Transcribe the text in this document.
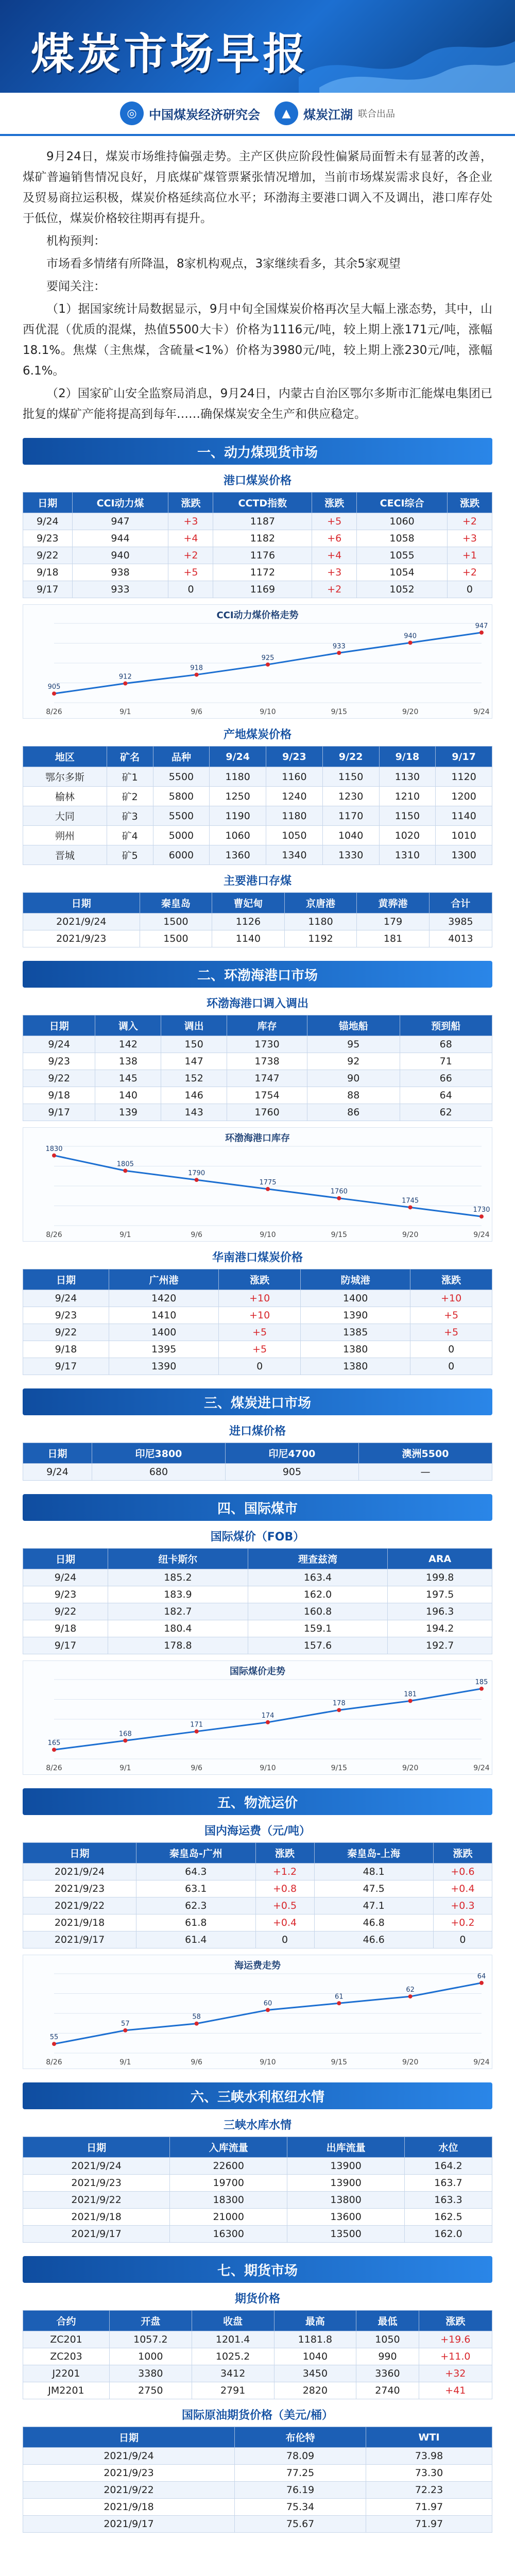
煤炭市场早报
◎ 中国煤炭经济研究会	▲	煤炭江湖 联合出品

9月24日，煤炭市场维持偏强走势。主产区供应阶段性偏紧局面暂未有显著的改善，煤矿普遍销售情况良好，月底煤矿煤管票紧张情况增加，当前市场煤炭需求良好，各企业及贸易商拉运积极，煤炭价格延续高位水平；环渤海主要港口调入不及调出，港口库存处于低位，煤炭价格较往期再有提升。

机构预判：

市场看多情绪有所降温，8家机构观点，3家继续看多，其余5家观望

要闻关注：

（1）据国家统计局数据显示，9月中旬全国煤炭价格再次呈大幅上涨态势，其中，山西优混（优质的混煤，热值5500大卡）价格为1116元/吨，较上期上涨171元/吨，涨幅18.1%。焦煤（主焦煤，含硫量<1%）价格为3980元/吨，较上期上涨230元/吨，涨幅6.1%。

（2）国家矿山安全监察局消息，9月24日，内蒙古自治区鄂尔多斯市汇能煤电集团已批复的煤矿产能将提高到每年……确保煤炭安全生产和供应稳定。

一、动力煤现货市场
港口煤炭价格
日期	CCI动力煤	涨跌	CCTD指数	涨跌	CECI综合	涨跌
9/24	947	+3	1187	+5	1060	+2
9/23	944	+4	1182	+6	1058	+3
9/22	940	+2	1176	+4	1055	+1
9/18	938	+5	1172	+3	1054	+2
9/17	933	0	1169	+2	1052	0
CCI动力煤价格走势
8/26
905
9/1
912
9/6
918
9/10
925
9/15
933
9/20
940
9/24
947
产地煤炭价格
地区	矿名	品种	9/24	9/23	9/22	9/18	9/17
鄂尔多斯	矿1	5500	1180	1160	1150	1130	1120
榆林	矿2	5800	1250	1240	1230	1210	1200
大同	矿3	5500	1190	1180	1170	1150	1140
朔州	矿4	5000	1060	1050	1040	1020	1010
晋城	矿5	6000	1360	1340	1330	1310	1300
主要港口存煤
日期	秦皇岛	曹妃甸	京唐港	黄骅港	合计
2021/9/24	1500	1126	1180	179	3985
2021/9/23	1500	1140	1192	181	4013
二、环渤海港口市场
环渤海港口调入调出
日期	调入	调出	库存	锚地船	预到船
9/24	142	150	1730	95	68
9/23	138	147	1738	92	71
9/22	145	152	1747	90	66
9/18	140	146	1754	88	64
9/17	139	143	1760	86	62
环渤海港口库存
8/26
1830
9/1
1805
9/6
1790
9/10
1775
9/15
1760
9/20
1745
9/24
1730
华南港口煤炭价格
日期	广州港	涨跌	防城港	涨跌
9/24	1420	+10	1400	+10
9/23	1410	+10	1390	+5
9/22	1400	+5	1385	+5
9/18	1395	+5	1380	0
9/17	1390	0	1380	0
三、煤炭进口市场
进口煤价格
日期	印尼3800	印尼4700	澳洲5500
9/24	680	905	—
四、国际煤市
国际煤价（FOB）
日期	纽卡斯尔	理查兹湾	ARA
9/24	185.2	163.4	199.8
9/23	183.9	162.0	197.5
9/22	182.7	160.8	196.3
9/18	180.4	159.1	194.2
9/17	178.8	157.6	192.7
国际煤价走势
8/26
165
9/1
168
9/6
171
9/10
174
9/15
178
9/20
181
9/24
185
五、物流运价
国内海运费（元/吨）
日期	秦皇岛-广州	涨跌	秦皇岛-上海	涨跌
2021/9/24	64.3	+1.2	48.1	+0.6
2021/9/23	63.1	+0.8	47.5	+0.4
2021/9/22	62.3	+0.5	47.1	+0.3
2021/9/18	61.8	+0.4	46.8	+0.2
2021/9/17	61.4	0	46.6	0
海运费走势
8/26
55
9/1
57
9/6
58
9/10
60
9/15
61
9/20
62
9/24
64
六、三峡水利枢纽水情
三峡水库水情
日期	入库流量	出库流量	水位
2021/9/24	22600	13900	164.2
2021/9/23	19700	13900	163.7
2021/9/22	18300	13800	163.3
2021/9/18	21000	13600	162.5
2021/9/17	16300	13500	162.0
七、期货市场
期货价格
合约	开盘	收盘	最高	最低	涨跌
ZC201	1057.2	1201.4	1181.8	1050	+19.6
ZC203	1000	1025.2	1040	990	+11.0
J2201	3380	3412	3450	3360	+32
JM2201	2750	2791	2820	2740	+41
国际原油期货价格（美元/桶）
日期	布伦特	WTI
2021/9/24	78.09	73.98
2021/9/23	77.25	73.30
2021/9/22	76.19	72.23
2021/9/18	75.34	71.97
2021/9/17	75.67	71.97
